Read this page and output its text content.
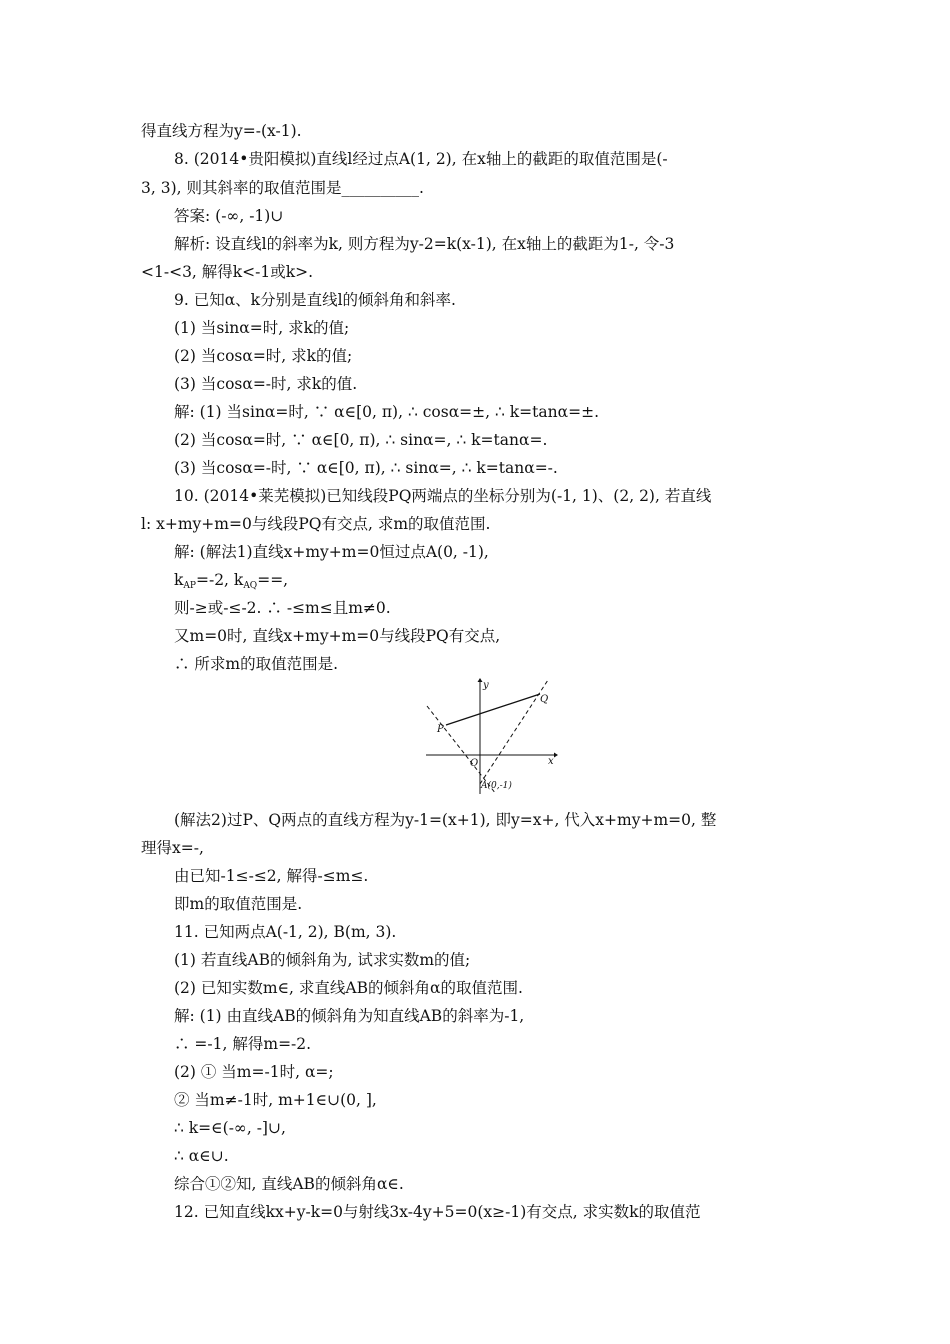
得直线方程为y=-(x-1).
8. (2014•贵阳模拟)直线l经过点A(1, 2), 在x轴上的截距的取值范围是(-
3, 3), 则其斜率的取值范围是__________.
答案: (-∞, -1)∪
解析: 设直线l的斜率为k, 则方程为y-2=k(x-1), 在x轴上的截距为1-, 令-3
<1-<3, 解得k<-1或k>.
9. 已知α、k分别是直线l的倾斜角和斜率.
(1) 当sinα=时, 求k的值;
(2) 当cosα=时, 求k的值;
(3) 当cosα=-时, 求k的值.
解: (1) 当sinα=时, ∵ α∈[0, π), ∴ cosα=±, ∴ k=tanα=±.
(2) 当cosα=时, ∵ α∈[0, π), ∴ sinα=, ∴ k=tanα=.
(3) 当cosα=-时, ∵ α∈[0, π), ∴ sinα=, ∴ k=tanα=-.
10. (2014•莱芜模拟)已知线段PQ两端点的坐标分别为(-1, 1)、(2, 2), 若直线
l: x+my+m=0与线段PQ有交点, 求m的取值范围.
解: (解法1)直线x+my+m=0恒过点A(0, -1),
$k_{AP}=-2$, $k_{AQ}==$,
则-≥或-≤-2. ∴ -≤m≤且m≠0.
又m=0时, 直线x+my+m=0与线段PQ有交点,
∴ 所求m的取值范围是.
y
x
P
Q
O
A(0,-1)
(解法2)过P、Q两点的直线方程为y-1=(x+1), 即y=x+, 代入x+my+m=0, 整
理得x=-,
由已知-1≤-≤2, 解得-≤m≤.
即m的取值范围是.
11. 已知两点A(-1, 2), B(m, 3).
(1) 若直线AB的倾斜角为, 试求实数m的值;
(2) 已知实数m∈, 求直线AB的倾斜角α的取值范围.
解: (1) 由直线AB的倾斜角为知直线AB的斜率为-1,
∴ =-1, 解得m=-2.
(2) ① 当m=-1时, α=;
② 当m≠-1时, m+1∈∪(0, ],
∴ k=∈(-∞, -]∪,
∴ α∈∪.
综合①②知, 直线AB的倾斜角α∈.
12. 已知直线kx+y-k=0与射线3x-4y+5=0(x≥-1)有交点, 求实数k的取值范
